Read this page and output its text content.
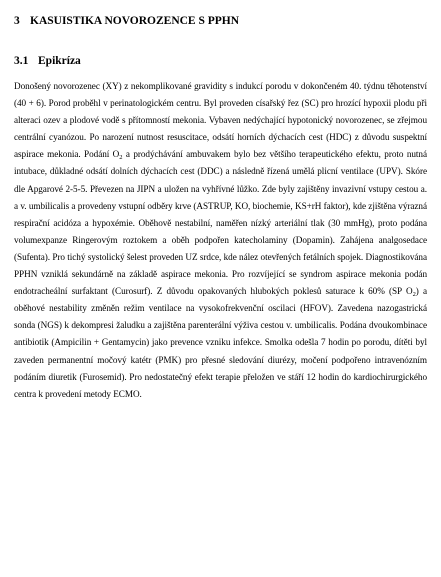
3 KASUISTIKA NOVOROZENCE S PPHN
3.1 Epikríza

Donošený novorozenec (XY) z nekomplikované gravidity s indukcí porodu v dokončeném 40. týdnu těhotenství (40 + 6). Porod proběhl v perinatologickém centru. Byl proveden císařský řez (SC) pro hrozící hypoxii plodu při alteraci ozev a plodové vodě s přítomností mekonia. Vybaven nedýchající hypotonický novorozenec, se zřejmou centrální cyanózou. Po narození nutnost resuscitace, odsátí horních dýchacích cest (HDC) z důvodu suspektní aspirace mekonia. Podání $O_2$ a prodýchávání ambuvakem bylo bez většího terapeutického efektu, proto nutná intubace, důkladné odsátí dolních dýchacích cest (DDC) a následně řízená umělá plicní ventilace (UPV). Skóre dle Apgarové 2-5-5. Převezen na JIPN a uložen na vyhřívné lůžko. Zde byly zajištěny invazivní vstupy cestou a. a v. umbilicalis a provedeny vstupní odběry krve (ASTRUP, KO, biochemie, KS+rH faktor), kde zjištěna výrazná respirační acidóza a hypoxémie. Oběhově nestabilní, naměřen nízký arteriální tlak (30 mmHg), proto podána volumexpanze Ringerovým roztokem a oběh podpořen katecholaminy (Dopamin). Zahájena analgosedace (Sufenta). Pro tichý systolický šelest proveden UZ srdce, kde nález otevřených fetálních spojek. Diagnostikována PPHN vzniklá sekundárně na základě aspirace mekonia. Pro rozvíjející se syndrom aspirace mekonia podán endotracheální surfaktant (Curosurf). Z důvodu opakovaných hlubokých poklesů saturace k 60% (SP $O_2$) a oběhové nestability změněn režim ventilace na vysokofrekvenční oscilaci (HFOV). Zavedena nazogastrická sonda (NGS) k dekompresi žaludku a zajištěna parenterální výživa cestou v. umbilicalis. Podána dvoukombinace antibiotik (Ampicilin + Gentamycin) jako prevence vzniku infekce. Smolka odešla 7 hodin po porodu, dítěti byl zaveden permanentní močový katétr (PMK) pro přesné sledování diurézy, močení podpořeno intravenózním podáním diuretik (Furosemid). Pro nedostatečný efekt terapie přeložen ve stáří 12 hodin do kardiochirurgického centra k provedení metody ECMO.
